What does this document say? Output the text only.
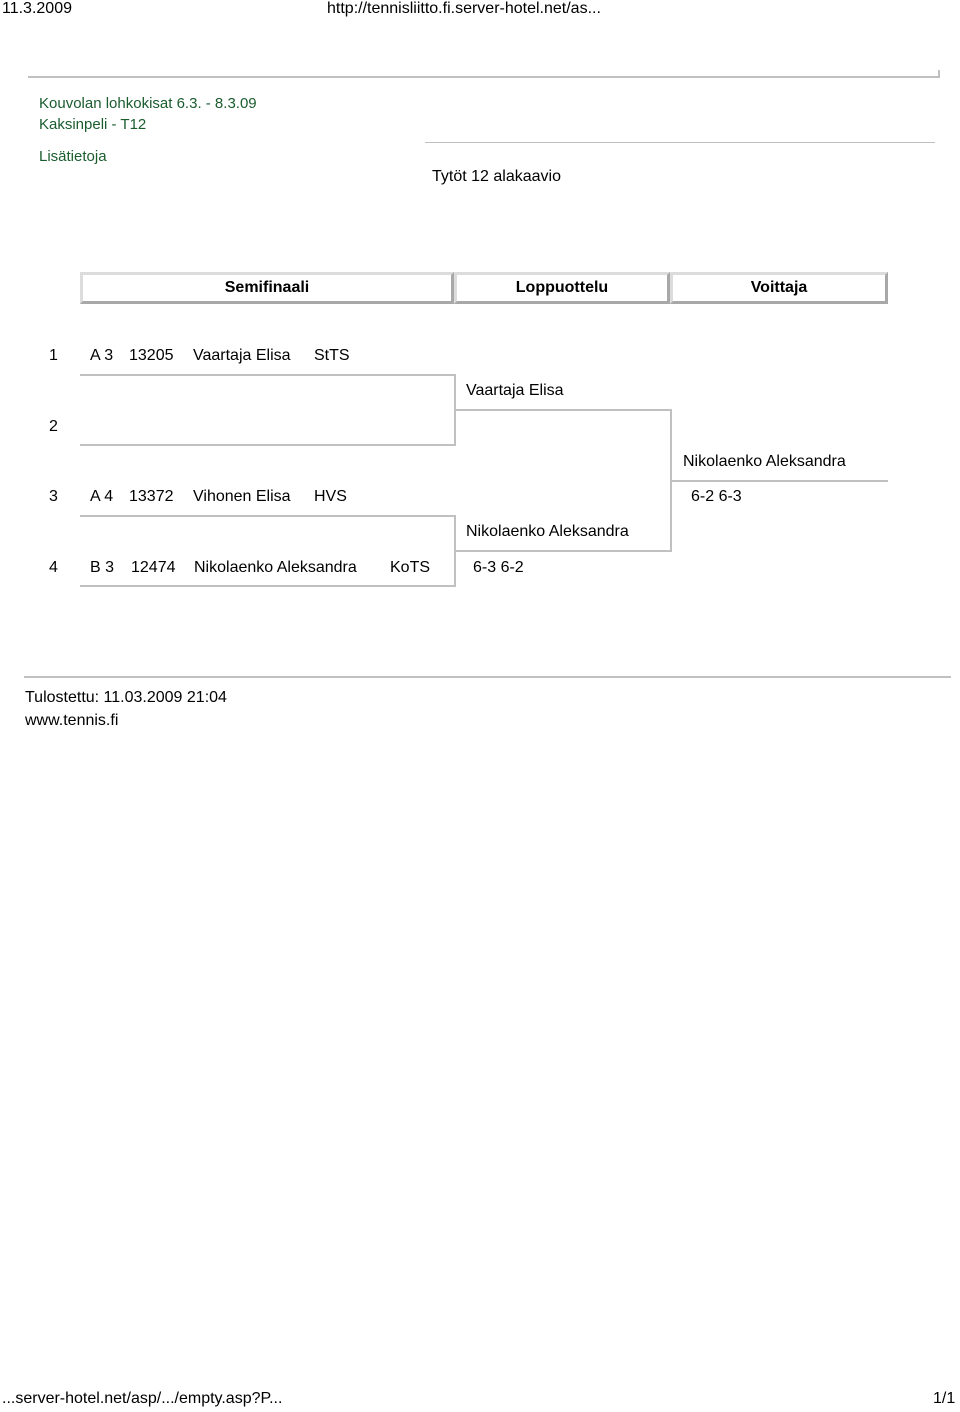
11.3.2009	http://tennisliitto.fi.server-hotel.net/as...
Kouvolan lohkokisat 6.3. - 8.3.09
Kaksinpeli - T12
Lisätietoja
Tytöt 12 alakaavio
Semifinaali	Loppuottelu	Voittaja
1 A 3 13205 Vaartaja Elisa StTS
2
Vaartaja Elisa
3 A 4 13372 Vihonen Elisa HVS
4 B 3 12474 Nikolaenko Aleksandra KoTS
Nikolaenko Aleksandra
6-3 6-2
Nikolaenko Aleksandra
6-2 6-3
Tulostettu: 11.03.2009 21:04
www.tennis.fi
...server-hotel.net/asp/.../empty.asp?P...	1/1
